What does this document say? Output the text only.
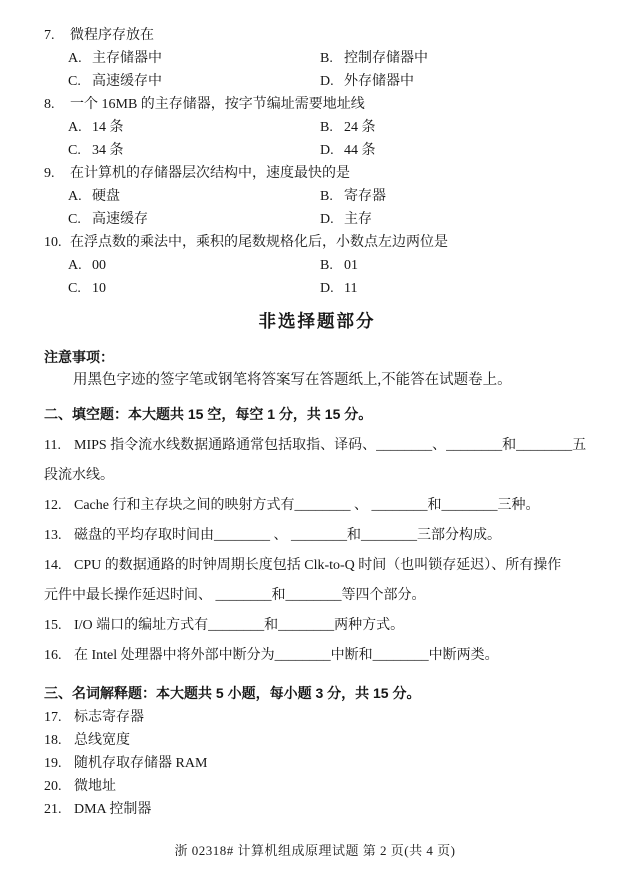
7. 微程序存放在
A. 主存储器中	B. 控制存储器中
C. 高速缓存中	D. 外存储器中
8. 一个 16MB 的主存储器，按字节编址需要地址线
A. 14 条	B. 24 条
C. 34 条	D. 44 条
9. 在计算机的存储器层次结构中，速度最快的是
A. 硬盘	B. 寄存器
C. 高速缓存	D. 主存
10. 在浮点数的乘法中，乘积的尾数规格化后，小数点左边两位是
A. 00	B. 01
C. 10	D. 11
非选择题部分
注意事项：
用黑色字迹的签字笔或钢笔将答案写在答题纸上,不能答在试题卷上。
二、填空题：本大题共 15 空，每空 1 分，共 15 分。
11. MIPS 指令流水线数据通路通常包括取指、译码、________、________和________五
段流水线。
12. Cache 行和主存块之间的映射方式有________ 、 ________和________三种。
13. 磁盘的平均存取时间由________ 、 ________和________三部分构成。
14. CPU 的数据通路的时钟周期长度包括 Clk-to-Q 时间（也叫锁存延迟）、所有操作
元件中最长操作延迟时间、 ________和________等四个部分。
15. I/O 端口的编址方式有________和________两种方式。
16. 在 Intel 处理器中将外部中断分为________中断和________中断两类。
三、名词解释题：本大题共 5 小题，每小题 3 分，共 15 分。
17. 标志寄存器
18. 总线宽度
19. 随机存取存储器 RAM
20. 微地址
21. DMA 控制器
浙 02318# 计算机组成原理试题 第 2 页(共 4 页)
